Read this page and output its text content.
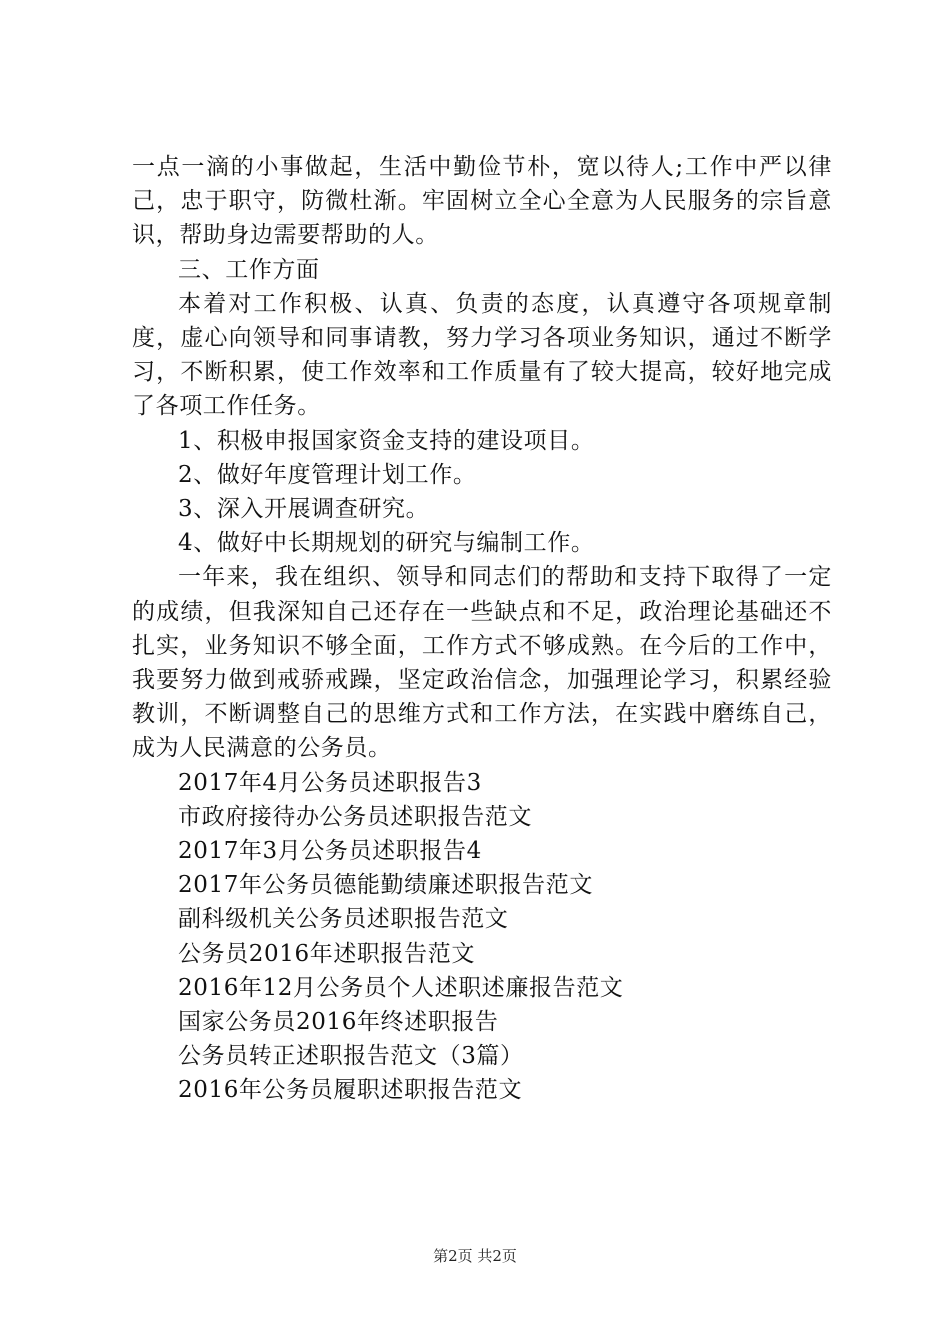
一点一滴的小事做起，生活中勤俭节朴，宽以待人;工作中严以律己，忠于职守，防微杜渐。牢固树立全心全意为人民服务的宗旨意识，帮助身边需要帮助的人。

三、工作方面

本着对工作积极、认真、负责的态度，认真遵守各项规章制度，虚心向领导和同事请教，努力学习各项业务知识，通过不断学习，不断积累，使工作效率和工作质量有了较大提高，较好地完成了各项工作任务。

1、积极申报国家资金支持的建设项目。
2、做好年度管理计划工作。
3、深入开展调查研究。
4、做好中长期规划的研究与编制工作。

一年来，我在组织、领导和同志们的帮助和支持下取得了一定的成绩，但我深知自己还存在一些缺点和不足，政治理论基础还不扎实，业务知识不够全面，工作方式不够成熟。在今后的工作中，我要努力做到戒骄戒躁，坚定政治信念，加强理论学习，积累经验教训，不断调整自己的思维方式和工作方法，在实践中磨练自己，成为人民满意的公务员。

2017年4月公务员述职报告3
市政府接待办公务员述职报告范文
2017年3月公务员述职报告4
2017年公务员德能勤绩廉述职报告范文
副科级机关公务员述职报告范文
公务员2016年述职报告范文
2016年12月公务员个人述职述廉报告范文
国家公务员2016年终述职报告
公务员转正述职报告范文（3篇）
2016年公务员履职述职报告范文
第2页 共2页
